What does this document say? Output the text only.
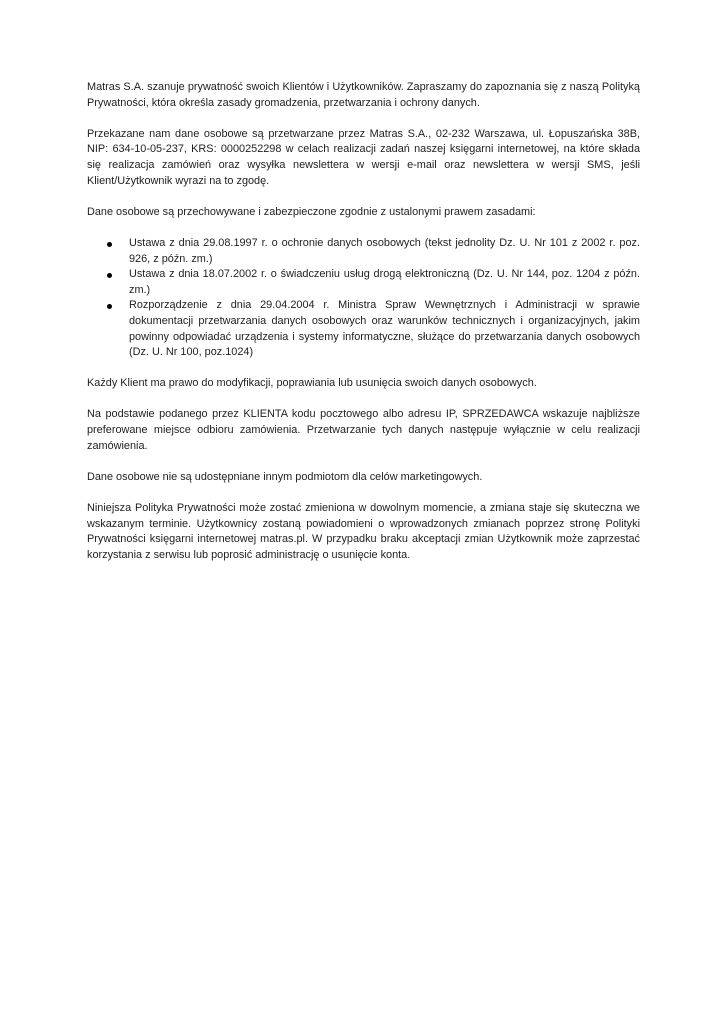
Matras S.A. szanuje prywatność swoich Klientów i Użytkowników. Zapraszamy do zapoznania się z naszą Polityką Prywatności, która określa zasady gromadzenia, przetwarzania i ochrony danych.

Przekazane nam dane osobowe są przetwarzane przez Matras S.A., 02-232 Warszawa, ul. Łopuszańska 38B, NIP: 634-10-05-237, KRS: 0000252298 w celach realizacji zadań naszej księgarni internetowej, na które składa się realizacja zamówień oraz wysyłka newslettera w wersji e-mail oraz newslettera w wersji SMS, jeśli Klient/Użytkownik wyrazi na to zgodę.

Dane osobowe są przechowywane i zabezpieczone zgodnie z ustalonymi prawem zasadami:

Ustawa z dnia 29.08.1997 r. o ochronie danych osobowych (tekst jednolity Dz. U. Nr 101 z 2002 r. poz. 926, z późn. zm.)
Ustawa z dnia 18.07.2002 r. o świadczeniu usług drogą elektroniczną (Dz. U. Nr 144, poz. 1204 z późn. zm.)
Rozporządzenie z dnia 29.04.2004 r. Ministra Spraw Wewnętrznych i Administracji w sprawie dokumentacji przetwarzania danych osobowych oraz warunków technicznych i organizacyjnych, jakim powinny odpowiadać urządzenia i systemy informatyczne, służące do przetwarzania danych osobowych (Dz. U. Nr 100, poz.1024)

Każdy Klient ma prawo do modyfikacji, poprawiania lub usunięcia swoich danych osobowych.

Na podstawie podanego przez KLIENTA kodu pocztowego albo adresu IP, SPRZEDAWCA wskazuje najbliższe preferowane miejsce odbioru zamówienia. Przetwarzanie tych danych następuje wyłącznie w celu realizacji zamówienia.

Dane osobowe nie są udostępniane innym podmiotom dla celów marketingowych.

Niniejsza Polityka Prywatności może zostać zmieniona w dowolnym momencie, a zmiana staje się skuteczna we wskazanym terminie. Użytkownicy zostaną powiadomieni o wprowadzonych zmianach poprzez stronę Polityki Prywatności księgarni internetowej matras.pl. W przypadku braku akceptacji zmian Użytkownik może zaprzestać korzystania z serwisu lub poprosić administrację o usunięcie konta.
